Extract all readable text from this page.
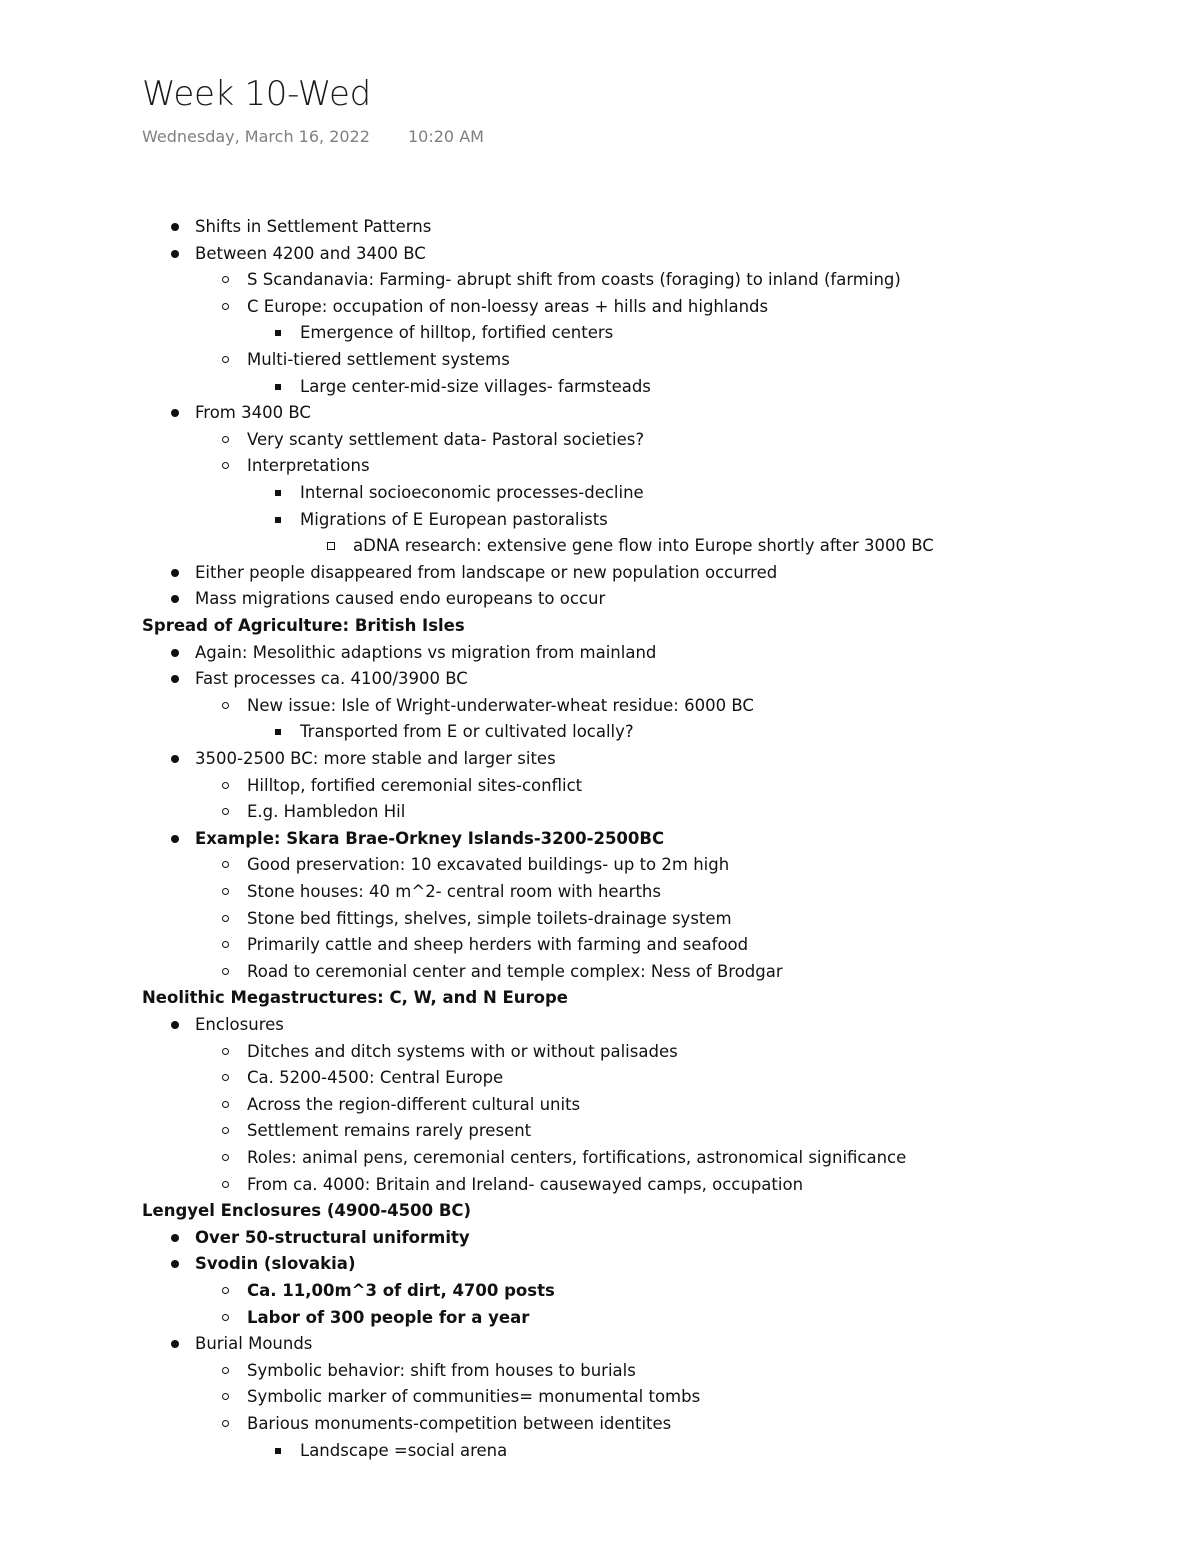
Week 10-Wed
Wednesday, March 16, 2022 10:20 AM
Shifts in Settlement Patterns
Between 4200 and 3400 BC
S Scandanavia: Farming- abrupt shift from coasts (foraging) to inland (farming)
C Europe: occupation of non-loessy areas + hills and highlands
Emergence of hilltop, fortified centers
Multi-tiered settlement systems
Large center-mid-size villages- farmsteads
From 3400 BC
Very scanty settlement data- Pastoral societies?
Interpretations
Internal socioeconomic processes-decline
Migrations of E European pastoralists
aDNA research: extensive gene flow into Europe shortly after 3000 BC
Either people disappeared from landscape or new population occurred
Mass migrations caused endo europeans to occur
Spread of Agriculture: British Isles
Again: Mesolithic adaptions vs migration from mainland
Fast processes ca. 4100/3900 BC
New issue: Isle of Wright-underwater-wheat residue: 6000 BC
Transported from E or cultivated locally?
3500-2500 BC: more stable and larger sites
Hilltop, fortified ceremonial sites-conflict
E.g. Hambledon Hil
Example: Skara Brae-Orkney Islands-3200-2500BC
Good preservation: 10 excavated buildings- up to 2m high
Stone houses: 40 m^2- central room with hearths
Stone bed fittings, shelves, simple toilets-drainage system
Primarily cattle and sheep herders with farming and seafood
Road to ceremonial center and temple complex: Ness of Brodgar
Neolithic Megastructures: C, W, and N Europe
Enclosures
Ditches and ditch systems with or without palisades
Ca. 5200-4500: Central Europe
Across the region-different cultural units
Settlement remains rarely present
Roles: animal pens, ceremonial centers, fortifications, astronomical significance
From ca. 4000: Britain and Ireland- causewayed camps, occupation
Lengyel Enclosures (4900-4500 BC)
Over 50-structural uniformity
Svodin (slovakia)
Ca. 11,00m^3 of dirt, 4700 posts
Labor of 300 people for a year
Burial Mounds
Symbolic behavior: shift from houses to burials
Symbolic marker of communities= monumental tombs
Barious monuments-competition between identites
Landscape =social arena
